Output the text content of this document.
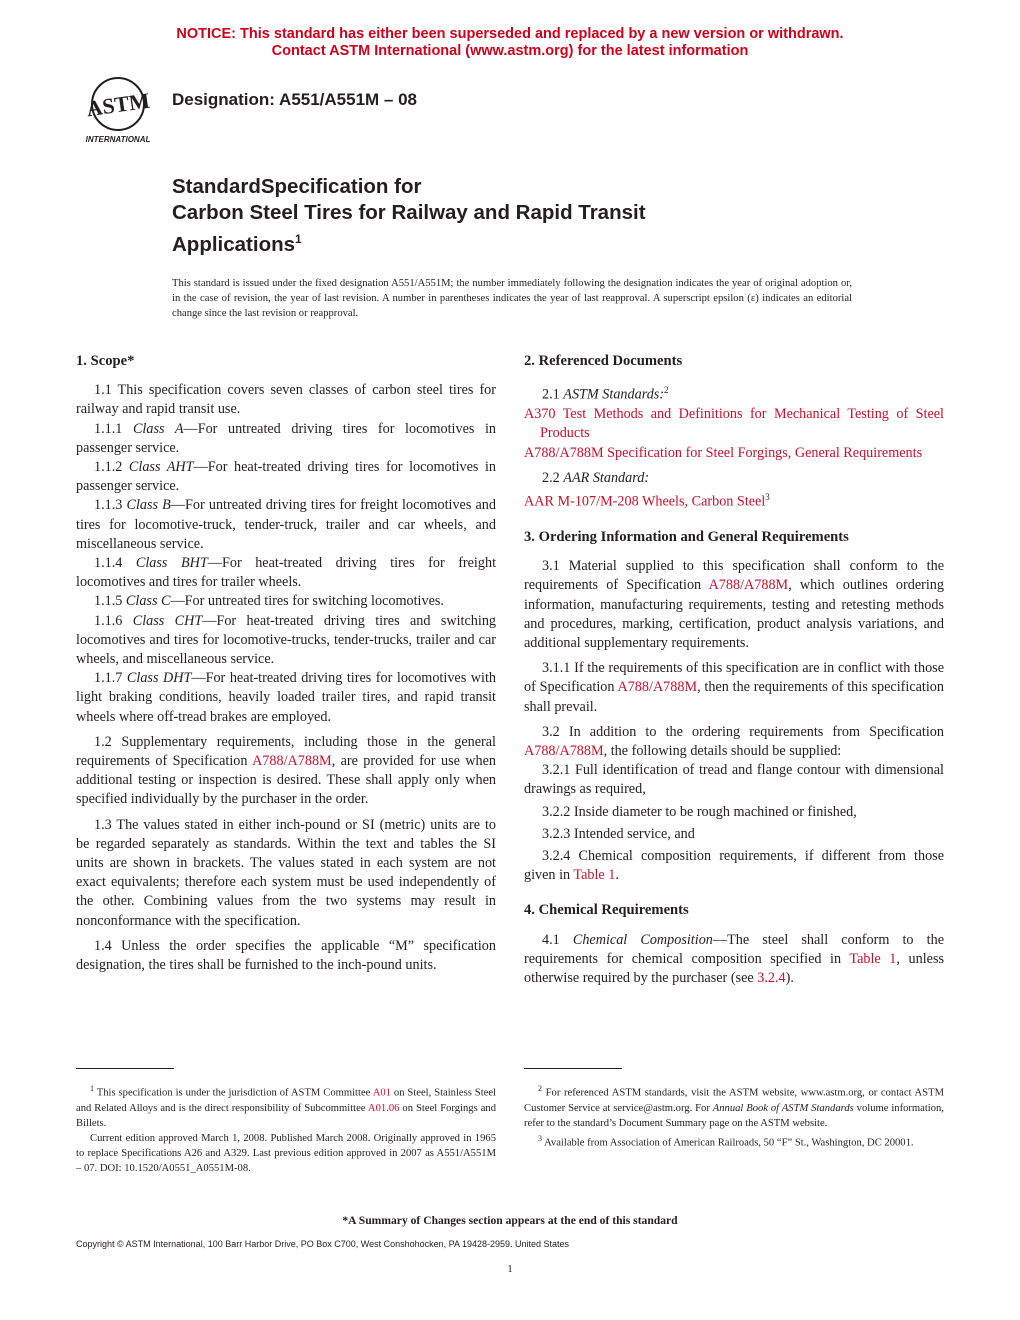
NOTICE: This standard has either been superseded and replaced by a new version or withdrawn.
Contact ASTM International (www.astm.org) for the latest information
ASTM
INTERNATIONAL
Designation: A551/A551M – 08
StandardSpecification for
Carbon Steel Tires for Railway and Rapid Transit
Applications$^1$

This standard is issued under the fixed designation A551/A551M; the number immediately following the designation indicates the year of original adoption or, in the case of revision, the year of last revision. A number in parentheses indicates the year of last reapproval. A superscript epsilon (ε) indicates an editorial change since the last revision or reapproval.

1. Scope*

1.1 This specification covers seven classes of carbon steel tires for railway and rapid transit use.

1.1.1 Class A—For untreated driving tires for locomotives in passenger service.

1.1.2 Class AHT—For heat-treated driving tires for locomotives in passenger service.

1.1.3 Class B—For untreated driving tires for freight locomotives and tires for locomotive-truck, tender-truck, trailer and car wheels, and miscellaneous service.

1.1.4 Class BHT—For heat-treated driving tires for freight locomotives and tires for trailer wheels.

1.1.5 Class C—For untreated tires for switching locomotives.

1.1.6 Class CHT—For heat-treated driving tires and switching locomotives and tires for locomotive-trucks, tender-trucks, trailer and car wheels, and miscellaneous service.

1.1.7 Class DHT—For heat-treated driving tires for locomotives with light braking conditions, heavily loaded trailer tires, and rapid transit wheels where off-tread brakes are employed.

1.2 Supplementary requirements, including those in the general requirements of Specification A788/A788M, are provided for use when additional testing or inspection is desired. These shall apply only when specified individually by the purchaser in the order.

1.3 The values stated in either inch-pound or SI (metric) units are to be regarded separately as standards. Within the text and tables the SI units are shown in brackets. The values stated in each system are not exact equivalents; therefore each system must be used independently of the other. Combining values from the two systems may result in nonconformance with the specification.

1.4 Unless the order specifies the applicable “M” specification designation, the tires shall be furnished to the inch-pound units.

2. Referenced Documents

2.1 ASTM Standards:$^2$

A370 Test Methods and Definitions for Mechanical Testing of Steel Products

A788/A788M Specification for Steel Forgings, General Requirements

2.2 AAR Standard:

AAR M-107/M-208 Wheels, Carbon Steel$^3$

3. Ordering Information and General Requirements

3.1 Material supplied to this specification shall conform to the requirements of Specification A788/A788M, which outlines ordering information, manufacturing requirements, testing and retesting methods and procedures, marking, certification, product analysis variations, and additional supplementary requirements.

3.1.1 If the requirements of this specification are in conflict with those of Specification A788/A788M, then the requirements of this specification shall prevail.

3.2 In addition to the ordering requirements from Specification A788/A788M, the following details should be supplied:

3.2.1 Full identification of tread and flange contour with dimensional drawings as required,

3.2.2 Inside diameter to be rough machined or finished,

3.2.3 Intended service, and

3.2.4 Chemical composition requirements, if different from those given in Table 1.

4. Chemical Requirements

4.1 Chemical Composition—The steel shall conform to the requirements for chemical composition specified in Table 1, unless otherwise required by the purchaser (see 3.2.4).

$^1$ This specification is under the jurisdiction of ASTM Committee A01 on Steel, Stainless Steel and Related Alloys and is the direct responsibility of Subcommittee A01.06 on Steel Forgings and Billets.

Current edition approved March 1, 2008. Published March 2008. Originally approved in 1965 to replace Specifications A26 and A329. Last previous edition approved in 2007 as A551/A551M – 07. DOI: 10.1520/A0551_A0551M-08.

$^2$ For referenced ASTM standards, visit the ASTM website, www.astm.org, or contact ASTM Customer Service at service@astm.org. For Annual Book of ASTM Standards volume information, refer to the standard’s Document Summary page on the ASTM website.

$^3$ Available from Association of American Railroads, 50 “F” St., Washington, DC 20001.

*A Summary of Changes section appears at the end of this standard
Copyright © ASTM International, 100 Barr Harbor Drive, PO Box C700, West Conshohocken, PA 19428-2959. United States
1
